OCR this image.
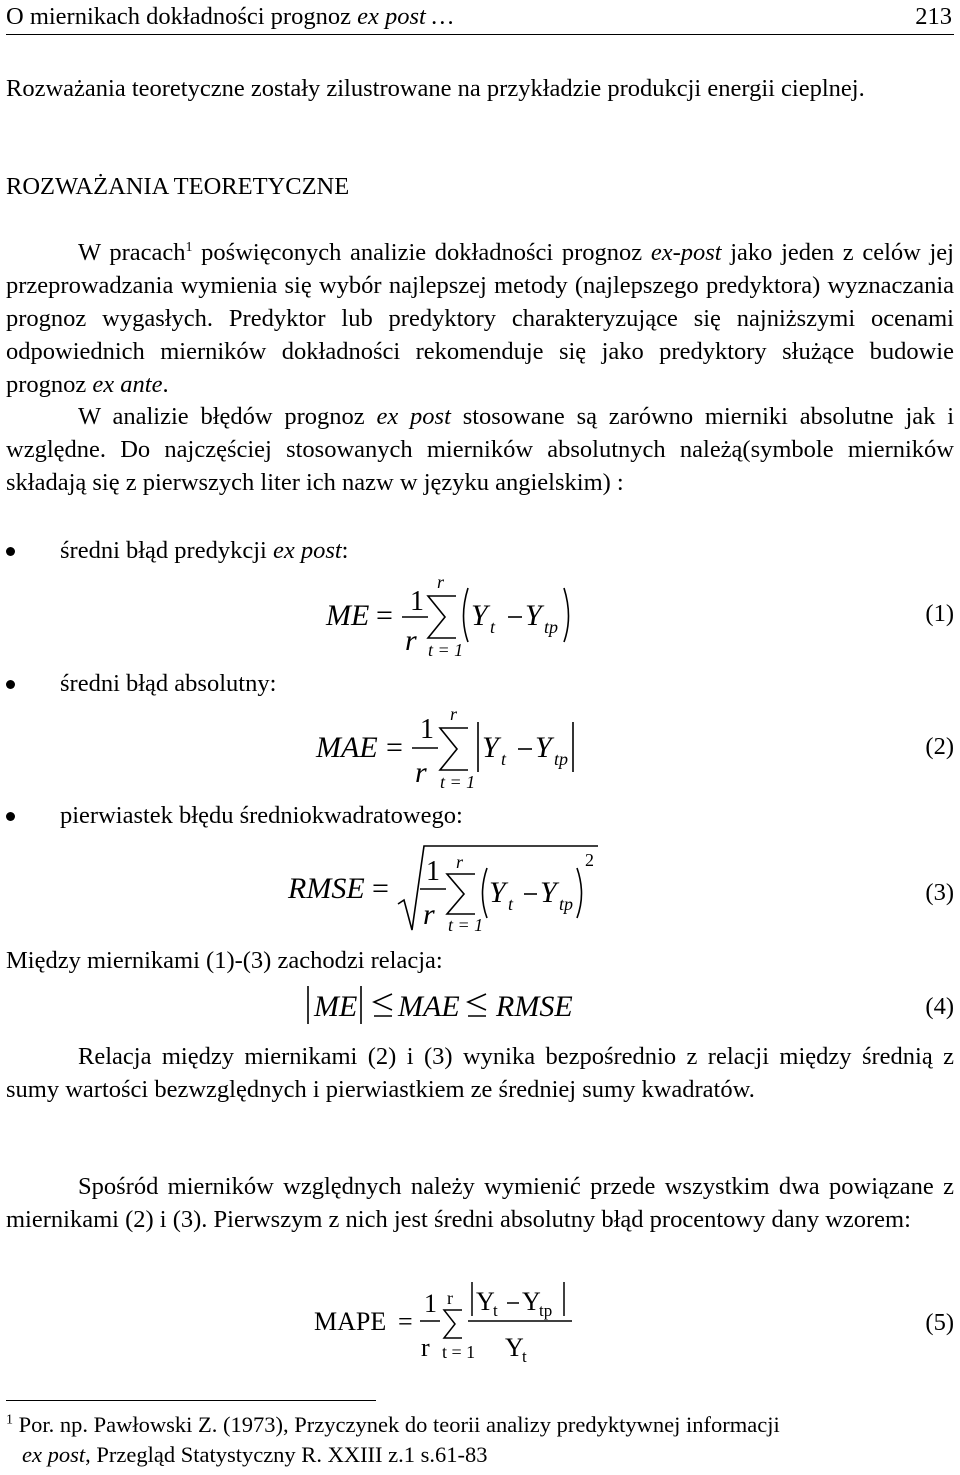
O miernikach dokładności prognoz ex post …	213

Rozważania teoretyczne zostały zilustrowane na przykładzie produkcji energii cieplnej.

ROZWAŻANIA TEORETYCZNE

W pracach$^1$ poświęconych analizie dokładności prognoz ex-post jako jeden z celów jej przeprowadzania wymienia się wybór najlepszej metody (najlepszego predyktora) wyznaczania prognoz wygasłych. Predyktor lub predyktory charakteryzujące się najniższymi ocenami odpowiednich mierników dokładności rekomenduje się jako predyktory służące budowie prognoz ex ante.

W analizie błędów prognoz ex post stosowane są zarówno mierniki absolutne jak i względne. Do najczęściej stosowanych mierników absolutnych należą(symbole mierników składają się z pierwszych liter ich nazw w języku angielskim) :

średni błąd predykcji ex post:
ME = 1
r
r
t = 1
Y t Y tp	(1)
średni błąd absolutny:
MAE =
1
r
r
t = 1
Y t Y tp	(2)
pierwiastek błędu średniokwadratowego:
RMSE =
1
r
r
t = 1
Y t Y tp
2
(3)
Między miernikami (1)-(3) zachodzi relacja:
ME MAE RMSE	(4)

Relacja między miernikami (2) i (3) wynika bezpośrednio z relacji między średnią z sumy wartości bezwzględnych i pierwiastkiem ze średniej sumy kwadratów.

Spośród mierników względnych należy wymienić przede wszystkim dwa powiązane z miernikami (2) i (3). Pierwszym z nich jest średni absolutny błąd procentowy dany wzorem:

MAPE =
1
r
r
t = 1
Y
t Y
tp
Y
t
(5)
$^1$ Por. np. Pawłowski Z. (1973), Przyczynek do teorii analizy predyktywnej informacji
ex post, Przegląd Statystyczny R. XXIII z.1 s.61-83
